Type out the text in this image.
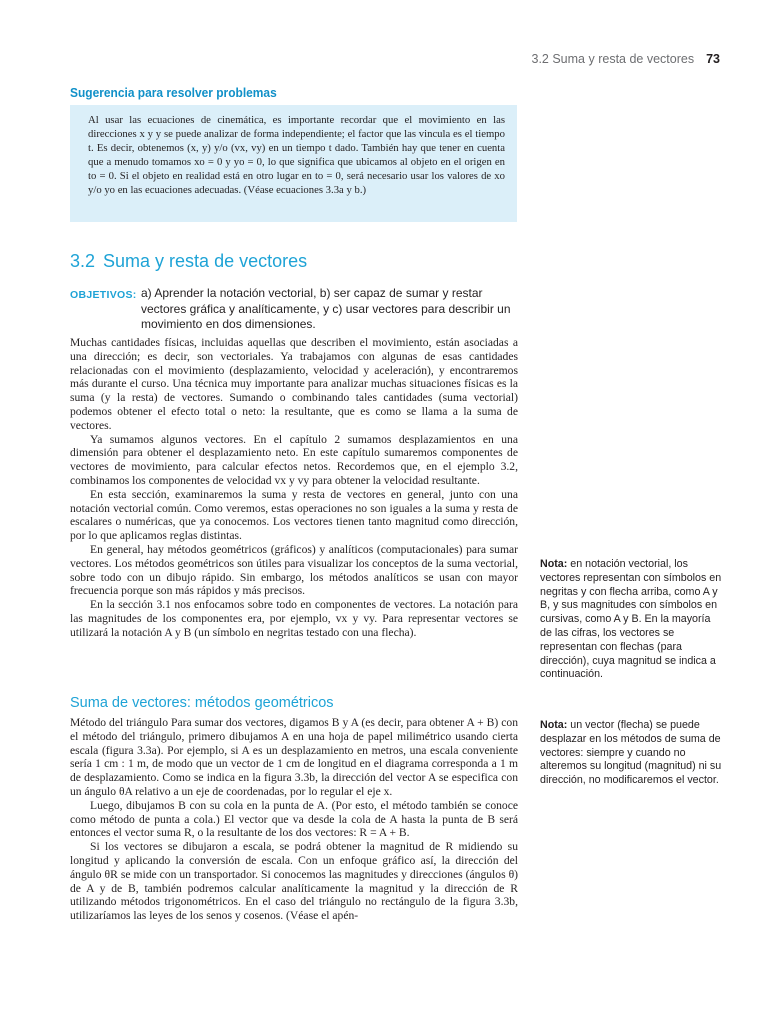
3.2 Suma y resta de vectores 73
Sugerencia para resolver problemas

Al usar las ecuaciones de cinemática, es importante recordar que el movimiento en las direcciones x y y se puede analizar de forma independiente; el factor que las vincula es el tiempo t. Es decir, obtenemos (x, y) y/o (vx, vy) en un tiempo t dado. También hay que tener en cuenta que a menudo tomamos xo = 0 y yo = 0, lo que significa que ubicamos al objeto en el origen en to = 0. Si el objeto en realidad está en otro lugar en to = 0, será necesario usar los valores de xo y/o yo en las ecuaciones adecuadas. (Véase ecuaciones 3.3a y b.)

3.2 Suma y resta de vectores
OBJETIVOS: a) Aprender la notación vectorial, b) ser capaz de sumar y restar vectores gráfica y analíticamente, y c) usar vectores para describir un movimiento en dos dimensiones.

Muchas cantidades físicas, incluidas aquellas que describen el movimiento, están asociadas a una dirección; es decir, son vectoriales. Ya trabajamos con algunas de esas cantidades relacionadas con el movimiento (desplazamiento, velocidad y aceleración), y encontraremos más durante el curso. Una técnica muy importante para analizar muchas situaciones físicas es la suma (y la resta) de vectores. Sumando o combinando tales cantidades (suma vectorial) podemos obtener el efecto total o neto: la resultante, que es como se llama a la suma de vectores.

Ya sumamos algunos vectores. En el capítulo 2 sumamos desplazamientos en una dimensión para obtener el desplazamiento neto. En este capítulo sumaremos componentes de vectores de movimiento, para calcular efectos netos. Recordemos que, en el ejemplo 3.2, combinamos los componentes de velocidad vx y vy para obtener la velocidad resultante.

En esta sección, examinaremos la suma y resta de vectores en general, junto con una notación vectorial común. Como veremos, estas operaciones no son iguales a la suma y resta de escalares o numéricas, que ya conocemos. Los vectores tienen tanto magnitud como dirección, por lo que aplicamos reglas distintas.

En general, hay métodos geométricos (gráficos) y analíticos (computacionales) para sumar vectores. Los métodos geométricos son útiles para visualizar los conceptos de la suma vectorial, sobre todo con un dibujo rápido. Sin embargo, los métodos analíticos se usan con mayor frecuencia porque son más rápidos y más precisos.

En la sección 3.1 nos enfocamos sobre todo en componentes de vectores. La notación para las magnitudes de los componentes era, por ejemplo, vx y vy. Para representar vectores se utilizará la notación A y B (un símbolo en negritas testado con una flecha).

Suma de vectores: métodos geométricos

Método del triángulo Para sumar dos vectores, digamos B y A (es decir, para obtener A + B) con el método del triángulo, primero dibujamos A en una hoja de papel milimétrico usando cierta escala (figura 3.3a). Por ejemplo, si A es un desplazamiento en metros, una escala conveniente sería 1 cm : 1 m, de modo que un vector de 1 cm de longitud en el diagrama corresponda a 1 m de desplazamiento. Como se indica en la figura 3.3b, la dirección del vector A se especifica con un ángulo θA relativo a un eje de coordenadas, por lo regular el eje x.

Luego, dibujamos B con su cola en la punta de A. (Por esto, el método también se conoce como método de punta a cola.) El vector que va desde la cola de A hasta la punta de B será entonces el vector suma R, o la resultante de los dos vectores: R = A + B.

Si los vectores se dibujaron a escala, se podrá obtener la magnitud de R midiendo su longitud y aplicando la conversión de escala. Con un enfoque gráfico así, la dirección del ángulo θR se mide con un transportador. Si conocemos las magnitudes y direcciones (ángulos θ) de A y de B, también podremos calcular analíticamente la magnitud y la dirección de R utilizando métodos trigonométricos. En el caso del triángulo no rectángulo de la figura 3.3b, utilizaríamos las leyes de los senos y cosenos. (Véase el apén-

Nota: en notación vectorial, los vectores representan con símbolos en negritas y con flecha arriba, como A y B, y sus magnitudes con símbolos en cursivas, como A y B. En la mayoría de las cifras, los vectores se representan con flechas (para dirección), cuya magnitud se indica a continuación.

Nota: un vector (flecha) se puede desplazar en los métodos de suma de vectores: siempre y cuando no alteremos su longitud (magnitud) ni su dirección, no modificaremos el vector.
